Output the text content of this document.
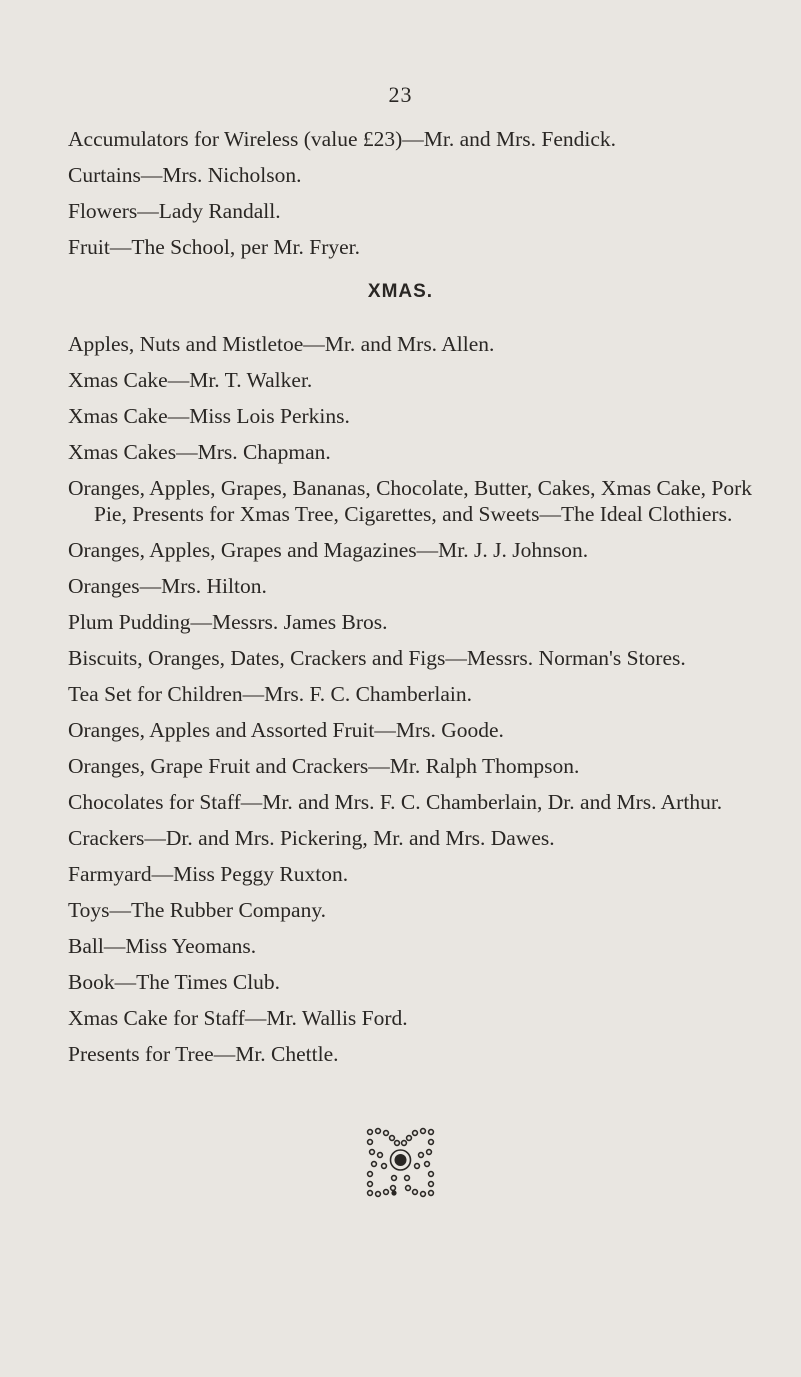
23

Accumulators for Wireless (value £23)—Mr. and Mrs. Fendick.

Curtains—Mrs. Nicholson.

Flowers—Lady Randall.

Fruit—The School, per Mr. Fryer.

XMAS.

Apples, Nuts and Mistletoe—Mr. and Mrs. Allen.

Xmas Cake—Mr. T. Walker.

Xmas Cake—Miss Lois Perkins.

Xmas Cakes—Mrs. Chapman.

Oranges, Apples, Grapes, Bananas, Chocolate, Butter, Cakes, Xmas Cake, Pork Pie, Presents for Xmas Tree, Cigarettes, and Sweets—The Ideal Clothiers.

Oranges, Apples, Grapes and Magazines—Mr. J. J. Johnson.

Oranges—Mrs. Hilton.

Plum Pudding—Messrs. James Bros.

Biscuits, Oranges, Dates, Crackers and Figs—Messrs. Norman's Stores.

Tea Set for Children—Mrs. F. C. Chamberlain.

Oranges, Apples and Assorted Fruit—Mrs. Goode.

Oranges, Grape Fruit and Crackers—Mr. Ralph Thompson.

Chocolates for Staff—Mr. and Mrs. F. C. Chamberlain, Dr. and Mrs. Arthur.

Crackers—Dr. and Mrs. Pickering, Mr. and Mrs. Dawes.

Farmyard—Miss Peggy Ruxton.

Toys—The Rubber Company.

Ball—Miss Yeomans.

Book—The Times Club.

Xmas Cake for Staff—Mr. Wallis Ford.

Presents for Tree—Mr. Chettle.
